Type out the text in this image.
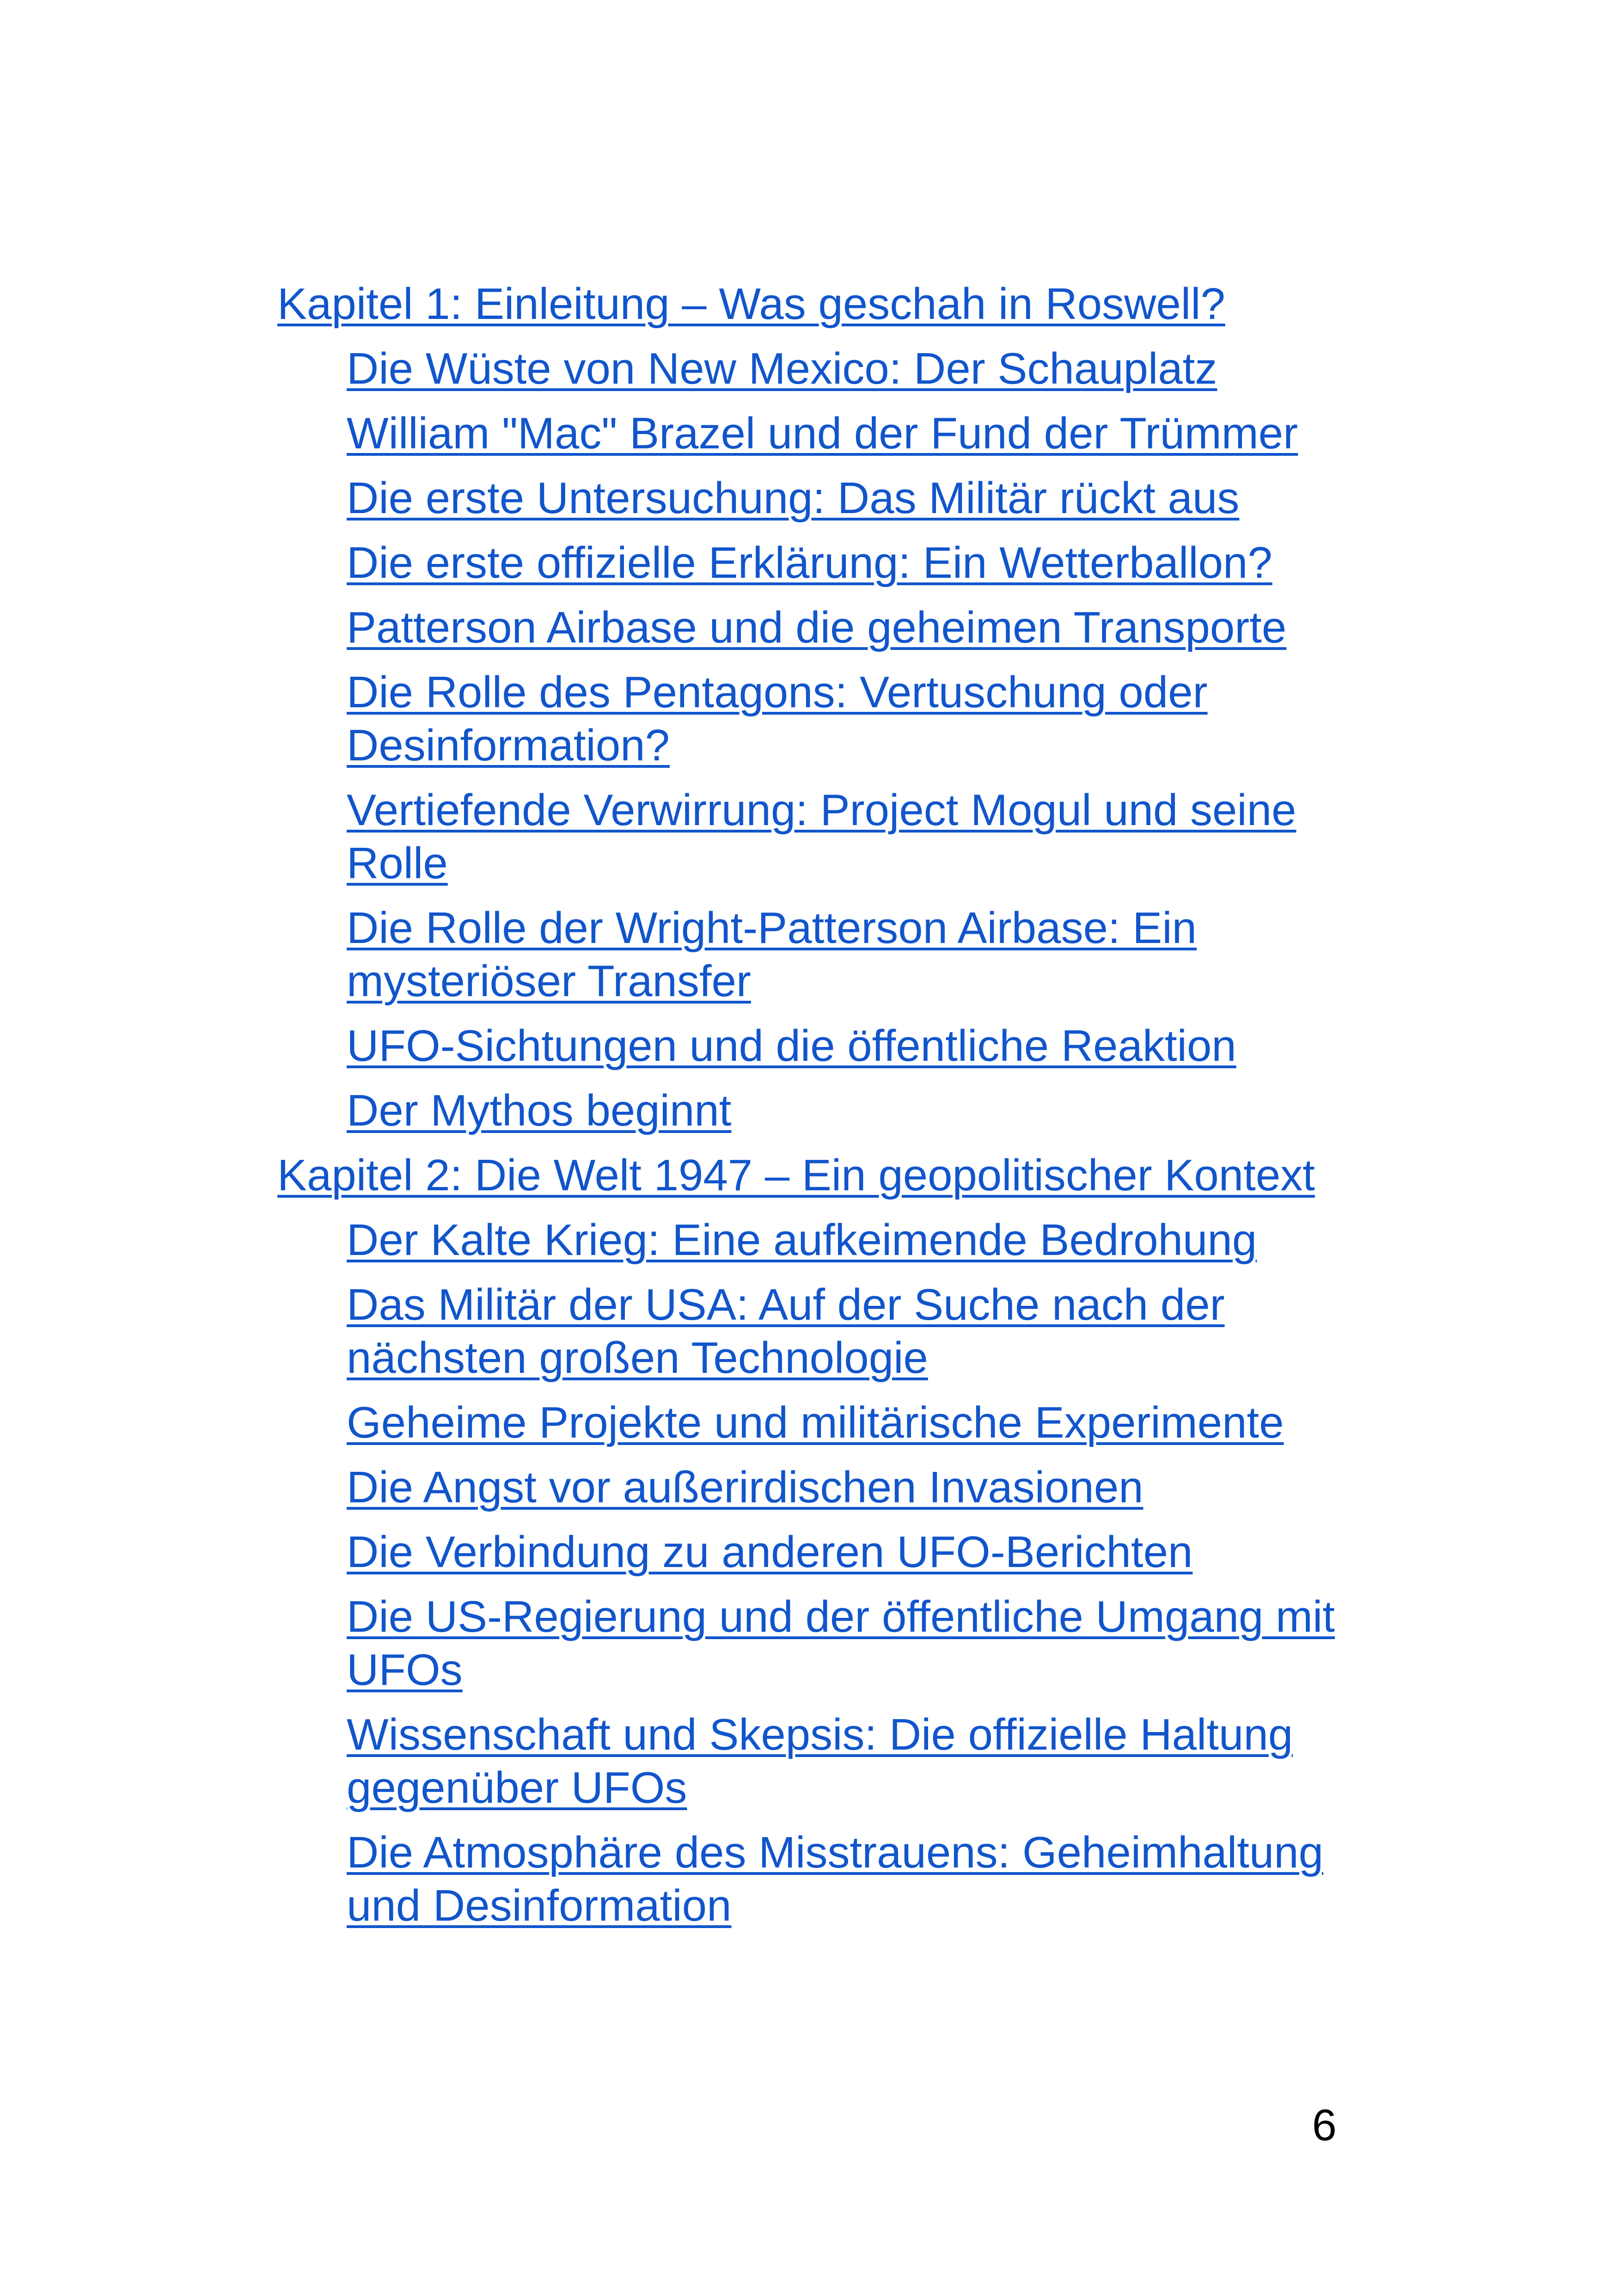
Kapitel 1: Einleitung – Was geschah in Roswell?
Die Wüste von New Mexico: Der Schauplatz
William "Mac" Brazel und der Fund der Trümmer
Die erste Untersuchung: Das Militär rückt aus
Die erste offizielle Erklärung: Ein Wetterballon?
Patterson Airbase und die geheimen Transporte
Die Rolle des Pentagons: Vertuschung oder Desinformation?
Vertiefende Verwirrung: Project Mogul und seine Rolle
Die Rolle der Wright-Patterson Airbase: Ein mysteriöser Transfer
UFO-Sichtungen und die öffentliche Reaktion
Der Mythos beginnt
Kapitel 2: Die Welt 1947 – Ein geopolitischer Kontext
Der Kalte Krieg: Eine aufkeimende Bedrohung
Das Militär der USA: Auf der Suche nach der nächsten großen Technologie
Geheime Projekte und militärische Experimente
Die Angst vor außerirdischen Invasionen
Die Verbindung zu anderen UFO-Berichten
Die US-Regierung und der öffentliche Umgang mit UFOs
Wissenschaft und Skepsis: Die offizielle Haltung gegenüber UFOs
Die Atmosphäre des Misstrauens: Geheimhaltung und Desinformation
6
